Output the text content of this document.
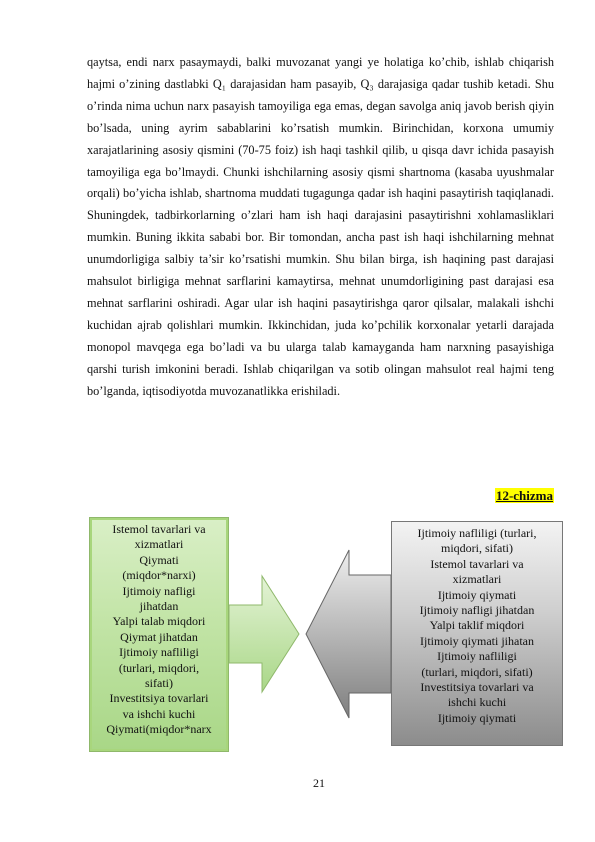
qaytsa, endi narx pasaymaydi, balki muvozanat yangi ye holatiga ko’chib, ishlab chiqarish hajmi o’zining dastlabki Q₁ darajasidan ham pasayib, Q₃ darajasiga qadar tushib ketadi. Shu o’rinda nima uchun narx pasayish tamoyiliga ega emas, degan savolga aniq javob berish qiyin bo’lsada, uning ayrim sabablarini ko’rsatish mumkin. Birinchidan, korxona umumiy xarajatlarining asosiy qismini (70-75 foiz) ish haqi tashkil qilib, u qisqa davr ichida pasayish tamoyiliga ega bo’lmaydi. Chunki ishchilarning asosiy qismi shartnoma (kasaba uyushmalar orqali) bo’yicha ishlab, shartnoma muddati tugagunga qadar ish haqini pasaytirish taqiqlanadi. Shuningdek, tadbirkorlarning o’zlari ham ish haqi darajasini pasaytirishni xohlamasliklari mumkin. Buning ikkita sababi bor. Bir tomondan, ancha past ish haqi ishchilarning mehnat unumdorligiga salbiy ta’sir ko’rsatishi mumkin. Shu bilan birga, ish haqining past darajasi mahsulot birligiga mehnat sarflarini kamaytirsa, mehnat unumdorligining past darajasi esa mehnat sarflarini oshiradi. Agar ular ish haqini pasaytirishga qaror qilsalar, malakali ishchi kuchidan ajrab qolishlari mumkin. Ikkinchidan, juda ko’pchilik korxonalar yetarli darajada monopol mavqega ega bo’ladi va bu ularga talab kamayganda ham narxning pasayishiga qarshi turish imkonini beradi. Ishlab chiqarilgan va sotib olingan mahsulot real hajmi teng bo’lganda, iqtisodiyotda muvozanatlikka erishiladi.

12-chizma
Istemol tavarlari va
xizmatlari
Qiymati
(miqdor*narxi)
Ijtimoiy nafligi
jihatdan
Yalpi talab miqdori
Qiymat jihatdan
Ijtimoiy nafliligi
(turlari, miqdori,
sifati)
Investitsiya tovarlari
va ishchi kuchi
Qiymati(miqdor*narx
Ijtimoiy nafliligi (turlari,
miqdori, sifati)
Istemol tavarlari va
xizmatlari
Ijtimoiy qiymati
Ijtimoiy nafligi jihatdan
Yalpi taklif miqdori
Ijtimoiy qiymati jihatan
Ijtimoiy nafliligi
(turlari, miqdori, sifati)
Investitsiya tovarlari va
ishchi kuchi
Ijtimoiy qiymati
21
